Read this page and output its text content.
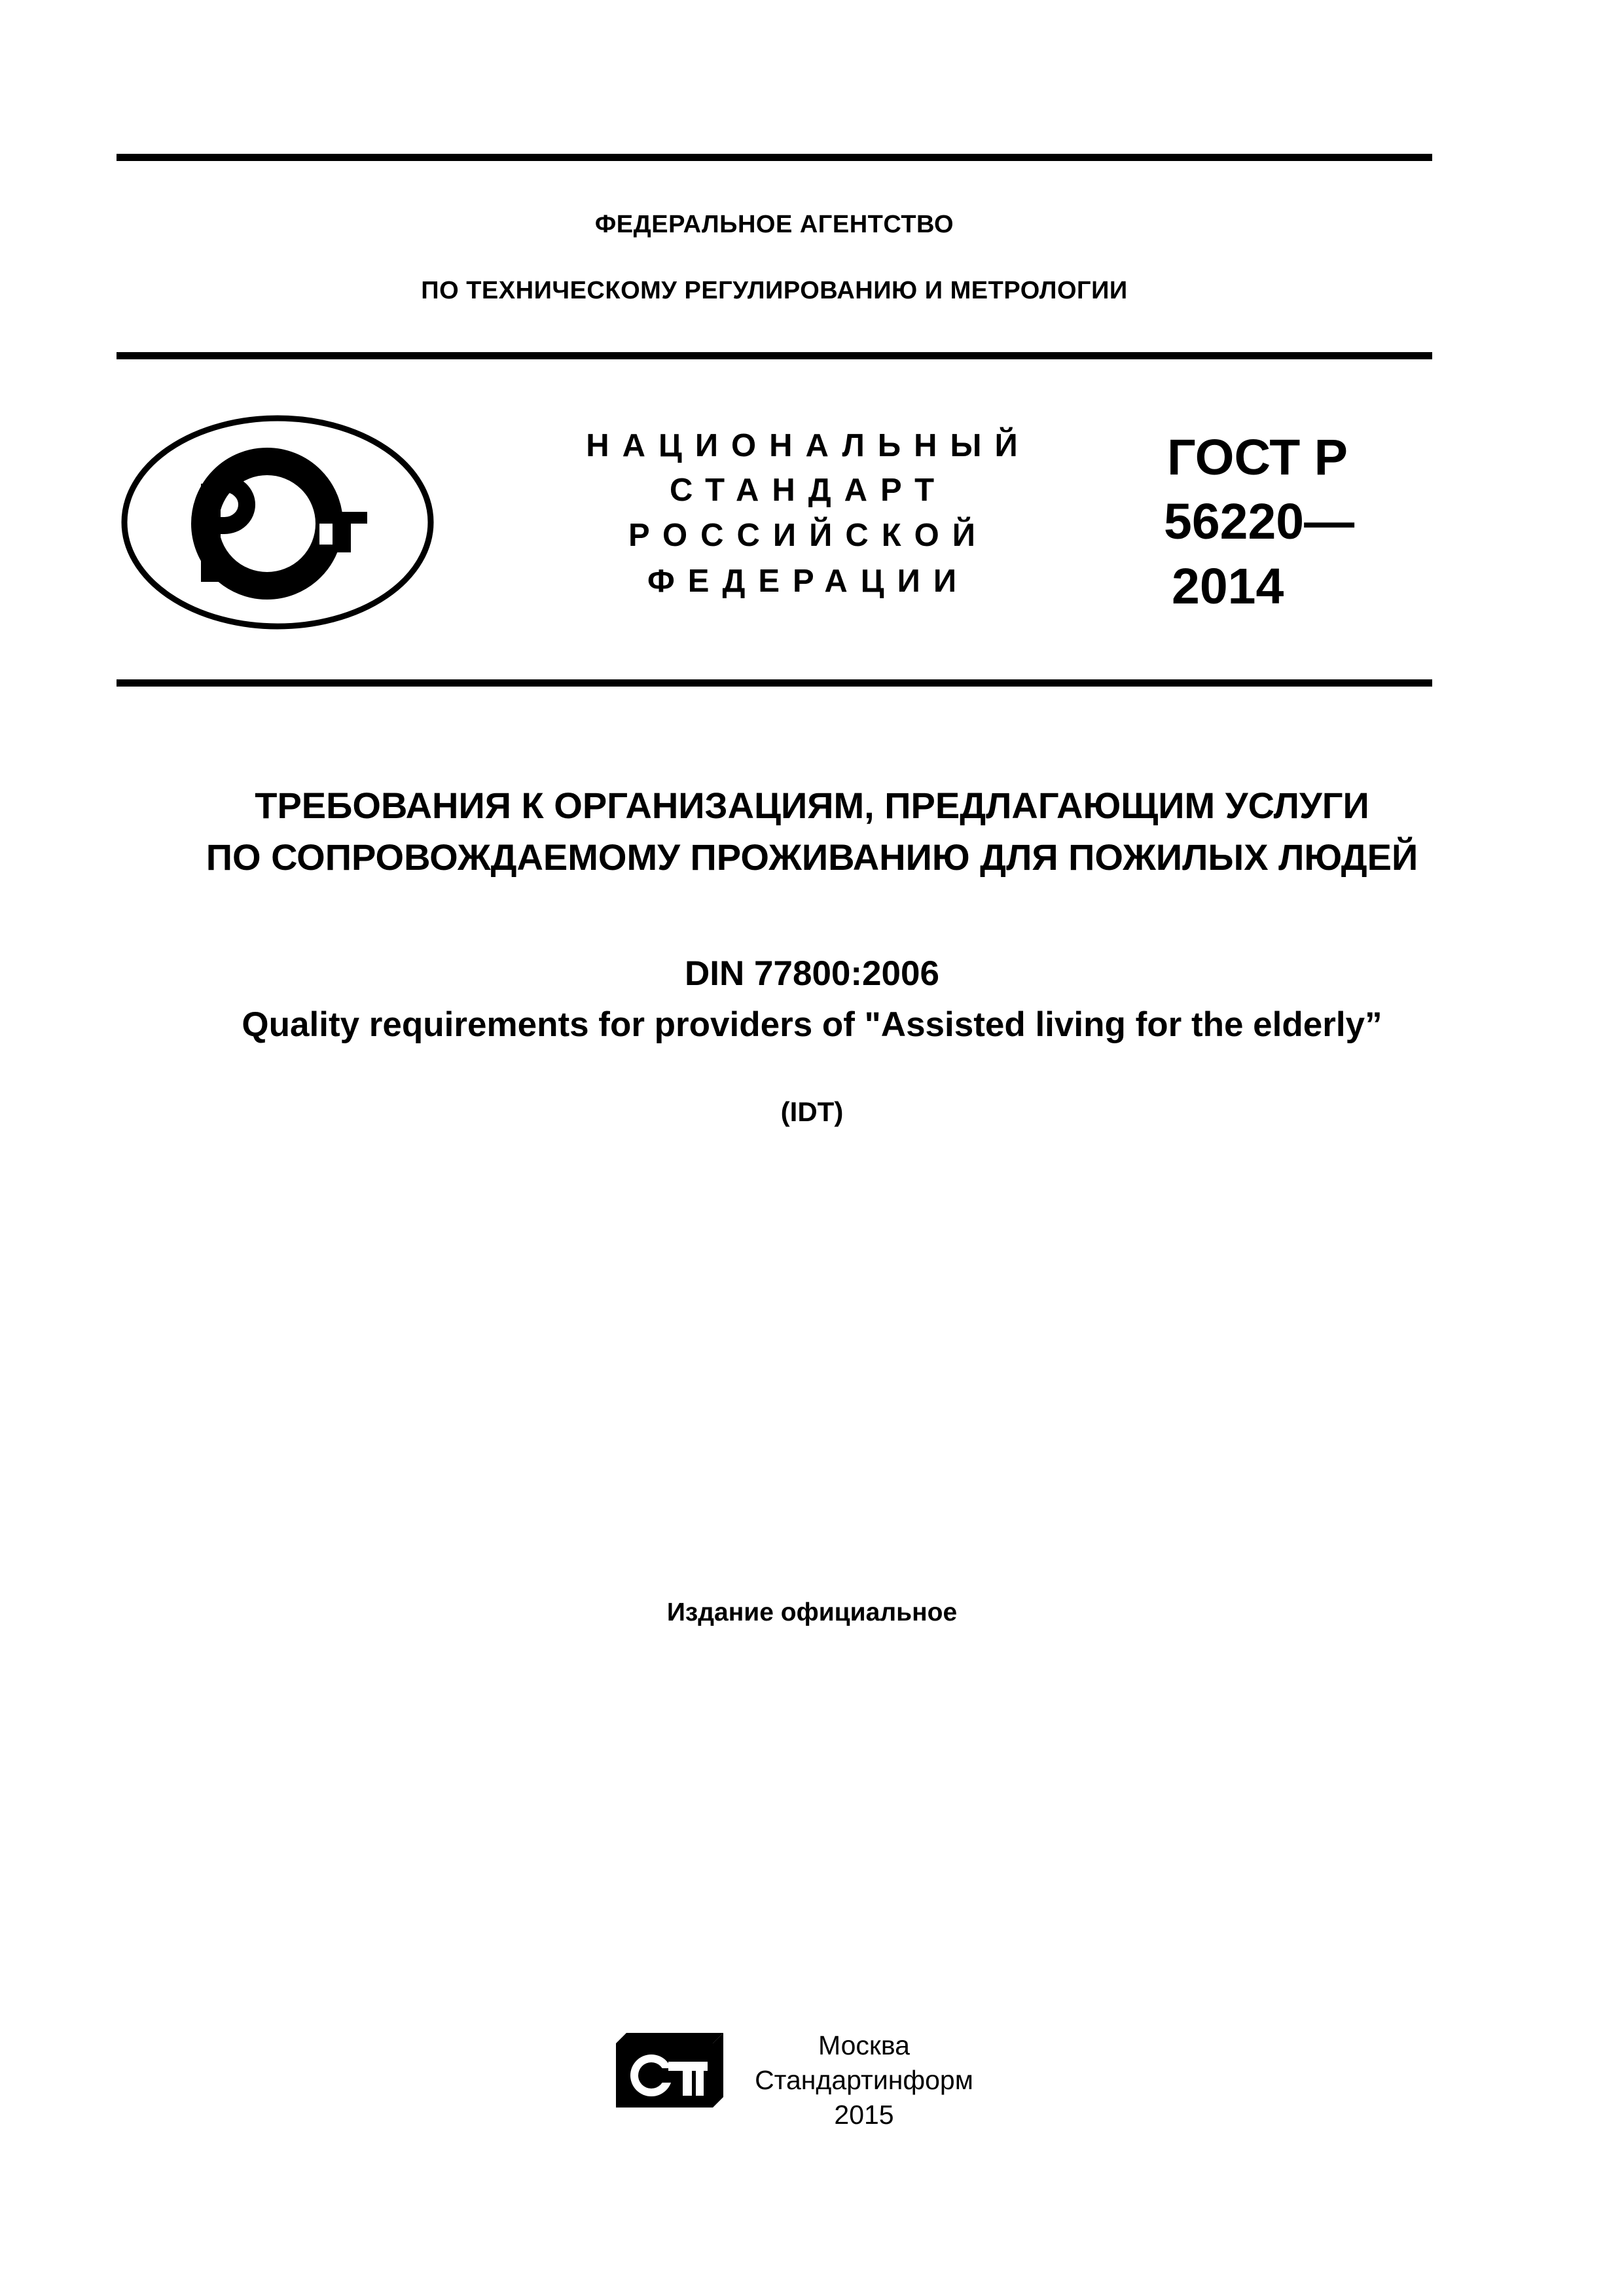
ФЕДЕРАЛЬНОЕ АГЕНТСТВО
ПО ТЕХНИЧЕСКОМУ РЕГУЛИРОВАНИЮ И МЕТРОЛОГИИ
НАЦИОНАЛЬНЫЙ
СТАНДАРТ
РОССИЙСКОЙ
ФЕДЕРАЦИИ
ГОСТ Р
56220—
2014
ТРЕБОВАНИЯ К ОРГАНИЗАЦИЯМ, ПРЕДЛАГАЮЩИМ УСЛУГИ
ПО СОПРОВОЖДАЕМОМУ ПРОЖИВАНИЮ ДЛЯ ПОЖИЛЫХ ЛЮДЕЙ
DIN 77800:2006
Quality requirements for providers of "Assisted living for the elderly”
(IDT)
Издание официальное
Москва
Стандартинформ
2015
